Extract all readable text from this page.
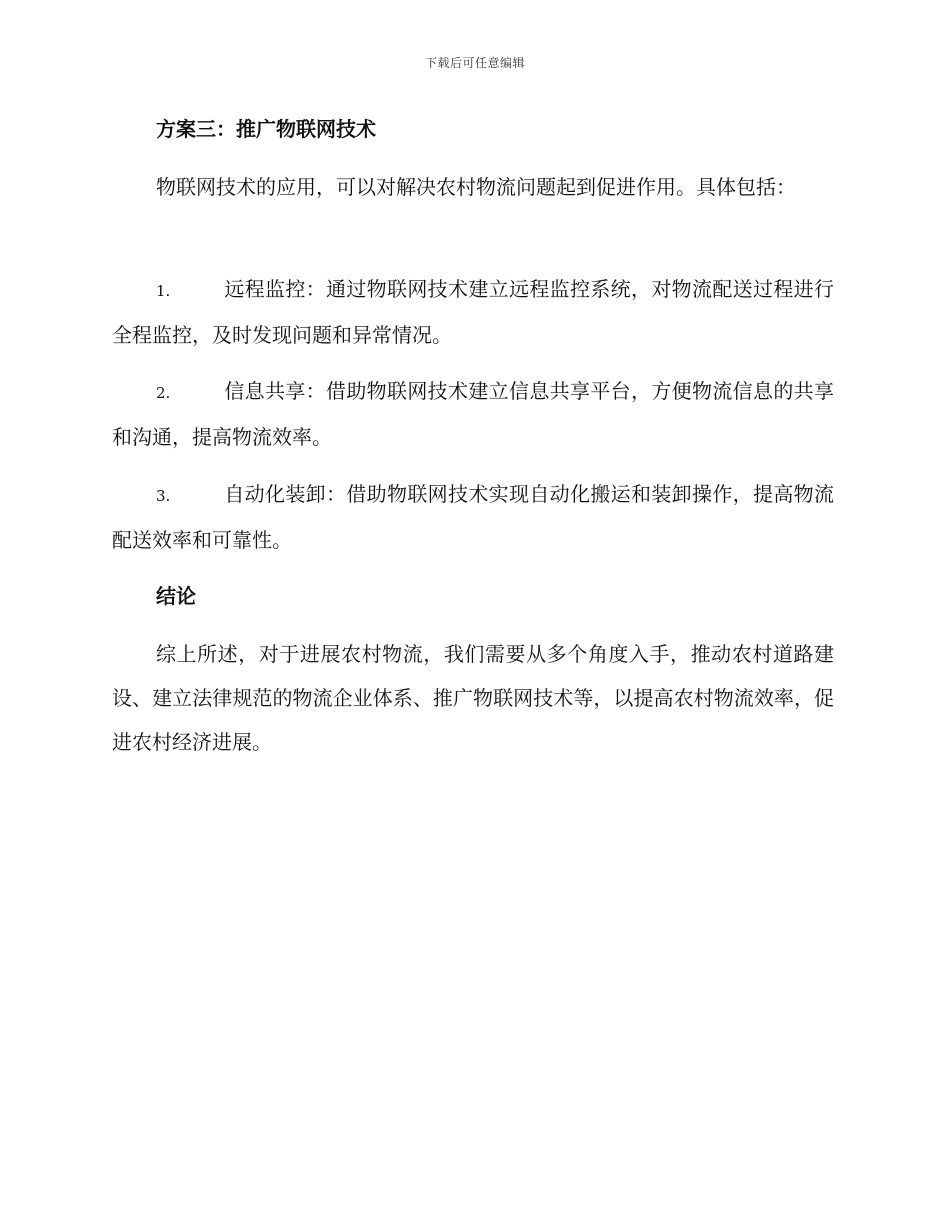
下载后可任意编辑
方案三：推广物联网技术
物联网技术的应用，可以对解决农村物流问题起到促进作用。具体包括：
1.	远程监控：通过物联网技术建立远程监控系统，对物流配送过程进行全程监控，及时发现问题和异常情况。
2.	信息共享：借助物联网技术建立信息共享平台，方便物流信息的共享和沟通，提高物流效率。
3.	自动化装卸：借助物联网技术实现自动化搬运和装卸操作，提高物流配送效率和可靠性。
结论
综上所述，对于进展农村物流，我们需要从多个角度入手，推动农村道路建设、建立法律规范的物流企业体系、推广物联网技术等，以提高农村物流效率，促进农村经济进展。
